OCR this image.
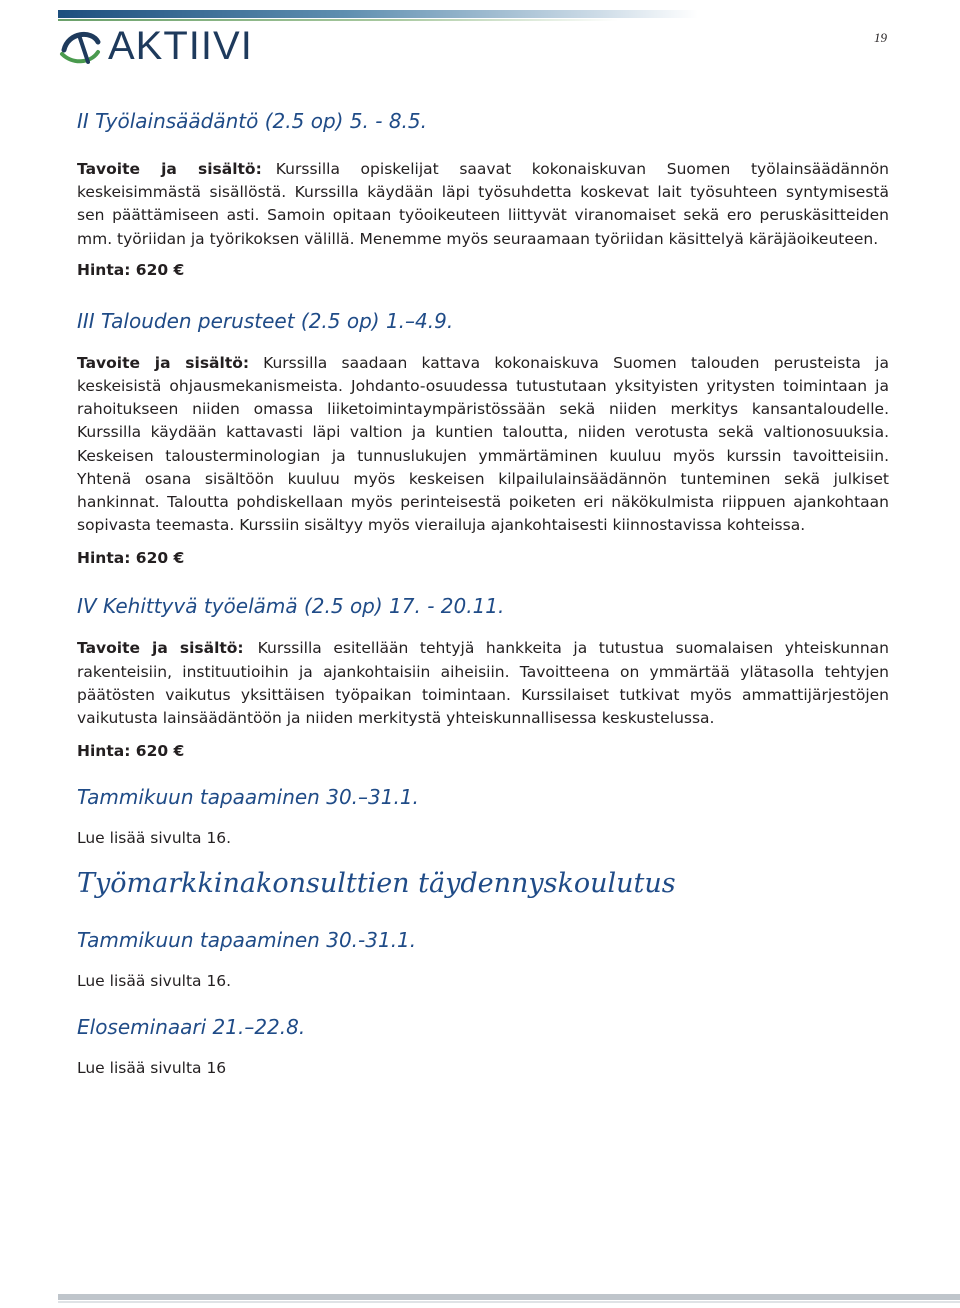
AKTIIVI	19
II Työlainsäädäntö (2.5 op) 5. - 8.5.

Tavoite ja sisältö: Kurssilla opiskelijat saavat kokonaiskuvan Suomen työlainsäädännön keskeisimmästä sisällöstä. Kurssilla käydään läpi työsuhdetta koskevat lait työsuhteen syntymisestä sen päättämiseen asti. Samoin opitaan työoikeuteen liittyvät viranomaiset sekä ero peruskäsitteiden mm. työriidan ja työrikoksen välillä. Menemme myös seuraamaan työriidan käsittelyä käräjäoikeuteen.

Hinta: 620 €

III Talouden perusteet (2.5 op) 1.–4.9.

Tavoite ja sisältö: Kurssilla saadaan kattava kokonaiskuva Suomen talouden perusteista ja keskeisistä ohjausmekanismeista. Johdanto-osuudessa tutustutaan yksityisten yritysten toimintaan ja rahoitukseen niiden omassa liiketoimintaympäristössään sekä niiden merkitys kansantaloudelle. Kurssilla käydään kattavasti läpi valtion ja kuntien taloutta, niiden verotusta sekä valtionosuuksia. Keskeisen talousterminologian ja tunnuslukujen ymmärtäminen kuuluu myös kurssin tavoitteisiin. Yhtenä osana sisältöön kuuluu myös keskeisen kilpailulainsäädännön tunteminen sekä julkiset hankinnat. Taloutta pohdiskellaan myös perinteisestä poiketen eri näkökulmista riippuen ajankohtaan sopivasta teemasta. Kurssiin sisältyy myös vierailuja ajankohtaisesti kiinnostavissa kohteissa.

Hinta: 620 €

IV Kehittyvä työelämä (2.5 op) 17. - 20.11.

Tavoite ja sisältö: Kurssilla esitellään tehtyjä hankkeita ja tutustua suomalaisen yhteiskunnan rakenteisiin, instituutioihin ja ajankohtaisiin aiheisiin. Tavoitteena on ymmärtää ylätasolla tehtyjen päätösten vaikutus yksittäisen työpaikan toimintaan. Kurssilaiset tutkivat myös ammattijärjestöjen vaikutusta lainsäädäntöön ja niiden merkitystä yhteiskunnallisessa keskustelussa.

Hinta: 620 €

Tammikuun tapaaminen 30.–31.1.

Lue lisää sivulta 16.

Työmarkkinakonsulttien täydennyskoulutus
Tammikuun tapaaminen 30.-31.1.

Lue lisää sivulta 16.

Eloseminaari 21.–22.8.

Lue lisää sivulta 16
